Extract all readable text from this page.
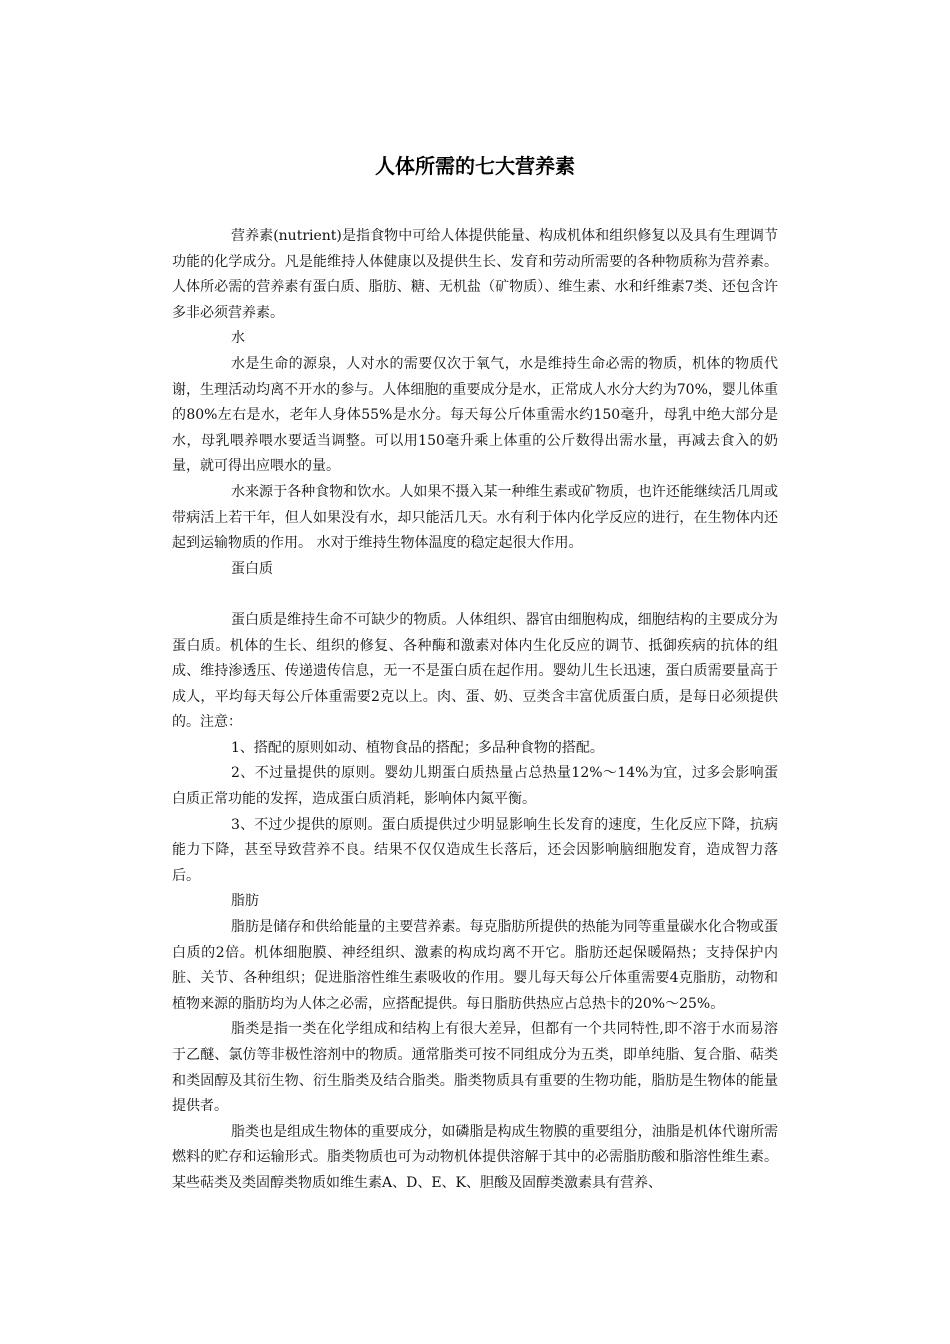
人体所需的七大营养素

营养素(nutrient)是指食物中可给人体提供能量、构成机体和组织修复以及具有生理调节功能的化学成分。凡是能维持人体健康以及提供生长、发育和劳动所需要的各种物质称为营养素。人体所必需的营养素有蛋白质、脂肪、糖、无机盐（矿物质）、维生素、水和纤维素7类、还包含许多非必须营养素。

水

水是生命的源泉，人对水的需要仅次于氧气，水是维持生命必需的物质，机体的物质代谢，生理活动均离不开水的参与。人体细胞的重要成分是水，正常成人水分大约为70%，婴儿体重的80%左右是水，老年人身体55%是水分。每天每公斤体重需水约150毫升，母乳中绝大部分是水，母乳喂养喂水要适当调整。可以用150毫升乘上体重的公斤数得出需水量，再减去食入的奶量，就可得出应喂水的量。

水来源于各种食物和饮水。人如果不摄入某一种维生素或矿物质，也许还能继续活几周或带病活上若干年，但人如果没有水，却只能活几天。水有利于体内化学反应的进行，在生物体内还起到运输物质的作用。 水对于维持生物体温度的稳定起很大作用。

蛋白质

蛋白质是维持生命不可缺少的物质。人体组织、器官由细胞构成，细胞结构的主要成分为蛋白质。机体的生长、组织的修复、各种酶和激素对体内生化反应的调节、抵御疾病的抗体的组成、维持渗透压、传递遗传信息，无一不是蛋白质在起作用。婴幼儿生长迅速，蛋白质需要量高于成人，平均每天每公斤体重需要2克以上。肉、蛋、奶、豆类含丰富优质蛋白质，是每日必须提供的。注意：

1、搭配的原则如动、植物食品的搭配；多品种食物的搭配。

2、不过量提供的原则。婴幼儿期蛋白质热量占总热量12%～14%为宜，过多会影响蛋白质正常功能的发挥，造成蛋白质消耗，影响体内氮平衡。

3、不过少提供的原则。蛋白质提供过少明显影响生长发育的速度，生化反应下降，抗病能力下降，甚至导致营养不良。结果不仅仅造成生长落后，还会因影响脑细胞发育，造成智力落后。

脂肪

脂肪是储存和供给能量的主要营养素。每克脂肪所提供的热能为同等重量碳水化合物或蛋白质的2倍。机体细胞膜、神经组织、激素的构成均离不开它。脂肪还起保暖隔热；支持保护内脏、关节、各种组织；促进脂溶性维生素吸收的作用。婴儿每天每公斤体重需要4克脂肪，动物和植物来源的脂肪均为人体之必需，应搭配提供。每日脂肪供热应占总热卡的20%～25%。

脂类是指一类在化学组成和结构上有很大差异，但都有一个共同特性,即不溶于水而易溶于乙醚、氯仿等非极性溶剂中的物质。通常脂类可按不同组成分为五类，即单纯脂、复合脂、萜类和类固醇及其衍生物、衍生脂类及结合脂类。脂类物质具有重要的生物功能，脂肪是生物体的能量提供者。

脂类也是组成生物体的重要成分，如磷脂是构成生物膜的重要组分，油脂是机体代谢所需燃料的贮存和运输形式。脂类物质也可为动物机体提供溶解于其中的必需脂肪酸和脂溶性维生素。某些萜类及类固醇类物质如维生素A、D、E、K、胆酸及固醇类激素具有营养、
